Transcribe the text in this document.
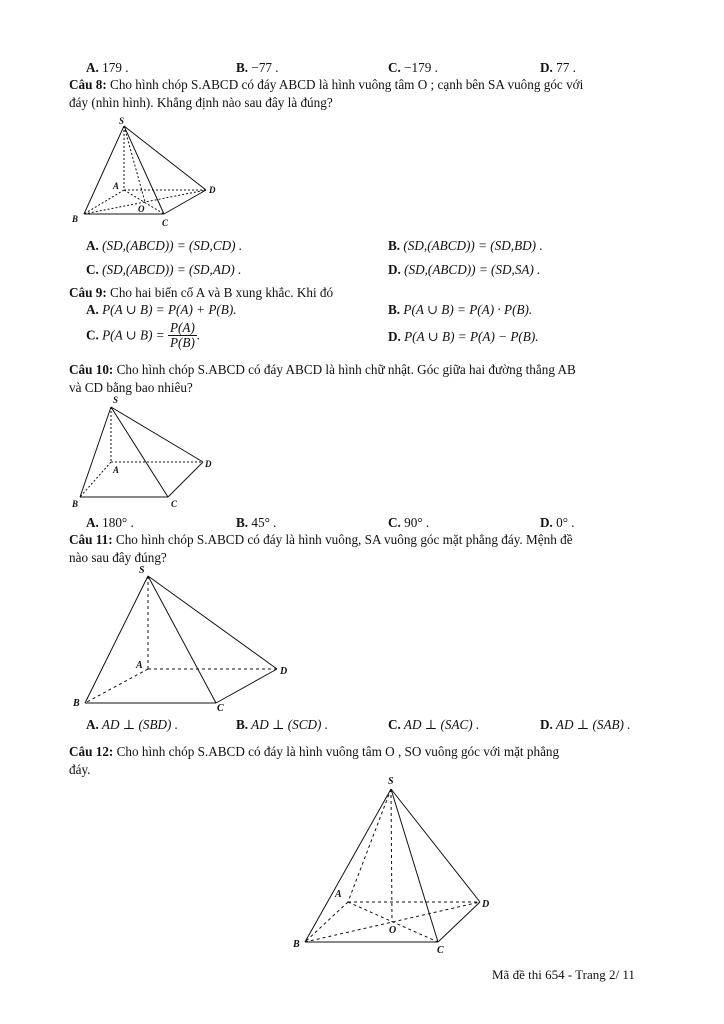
A. 179 .	B. −77 .	C. −179 .	D. 77 .
Câu 8: Cho hình chóp S.ABCD có đáy ABCD là hình vuông tâm O ; cạnh bên SA vuông góc với
đáy (nhìn hình). Khẳng định nào sau đây là đúng?
S
A
B	C
D
O
A. (SD,(ABCD)) = (SD,CD) .	B. (SD,(ABCD)) = (SD,BD) .
C. (SD,(ABCD)) = (SD,AD) .	D. (SD,(ABCD)) = (SD,SA) .
Câu 9: Cho hai biến cố A và B xung khắc. Khi đó
A. P(A ∪ B) = P(A) + P(B).	B. P(A ∪ B) = P(A) · P(B).
C. P(A ∪ $B) = \frac{P(A)}{P(B)}$ .	D. P(A ∪ B) = P(A) − P(B).
Câu 10: Cho hình chóp S.ABCD có đáy ABCD là hình chữ nhật. Góc giữa hai đường thẳng AB
và CD bằng bao nhiêu?
S
A
B	C
D
A. 180° .	B. 45° .	C. 90° .	D. 0° .
Câu 11: Cho hình chóp S.ABCD có đáy là hình vuông, SA vuông góc mặt phẳng đáy. Mệnh đề
nào sau đây đúng?
S
A
B	C
D
A. AD ⊥ (SBD) .	B. AD ⊥ (SCD) .	C. AD ⊥ (SAC) .	D. AD ⊥ (SAB) .
Câu 12: Cho hình chóp S.ABCD có đáy là hình vuông tâm O , SO vuông góc với mặt phẳng
đáy.
S
A
B
C
D
O
Mã đề thi 654 - Trang 2/ 11
